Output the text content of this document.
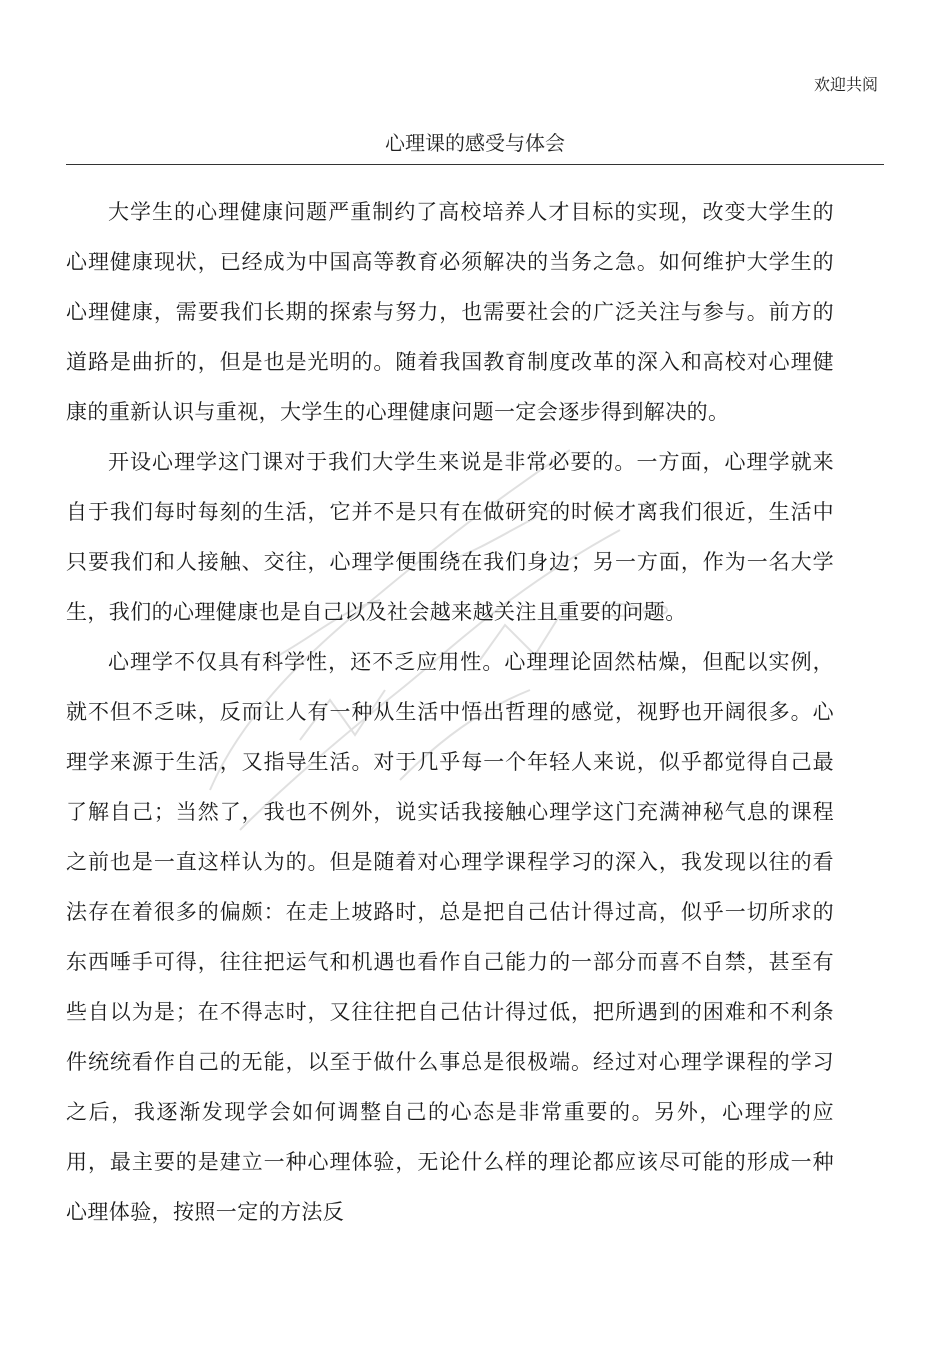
欢迎共阅
心理课的感受与体会

大学生的心理健康问题严重制约了高校培养人才目标的实现，改变大学生的心理健康现状，已经成为中国高等教育必须解决的当务之急。如何维护大学生的心理健康，需要我们长期的探索与努力，也需要社会的广泛关注与参与。前方的道路是曲折的，但是也是光明的。随着我国教育制度改革的深入和高校对心理健康的重新认识与重视，大学生的心理健康问题一定会逐步得到解决的。

开设心理学这门课对于我们大学生来说是非常必要的。一方面，心理学就来自于我们每时每刻的生活，它并不是只有在做研究的时候才离我们很近，生活中只要我们和人接触、交往，心理学便围绕在我们身边；另一方面，作为一名大学生，我们的心理健康也是自己以及社会越来越关注且重要的问题。

心理学不仅具有科学性，还不乏应用性。心理理论固然枯燥，但配以实例，就不但不乏味，反而让人有一种从生活中悟出哲理的感觉，视野也开阔很多。心理学来源于生活，又指导生活。对于几乎每一个年轻人来说，似乎都觉得自己最了解自己；当然了，我也不例外，说实话我接触心理学这门充满神秘气息的课程之前也是一直这样认为的。但是随着对心理学课程学习的深入，我发现以往的看法存在着很多的偏颇：在走上坡路时，总是把自己估计得过高，似乎一切所求的东西唾手可得，往往把运气和机遇也看作自己能力的一部分而喜不自禁，甚至有些自以为是；在不得志时，又往往把自己估计得过低，把所遇到的困难和不利条件统统看作自己的无能，以至于做什么事总是很极端。经过对心理学课程的学习之后，我逐渐发现学会如何调整自己的心态是非常重要的。另外，心理学的应用，最主要的是建立一种心理体验，无论什么样的理论都应该尽可能的形成一种心理体验，按照一定的方法反
